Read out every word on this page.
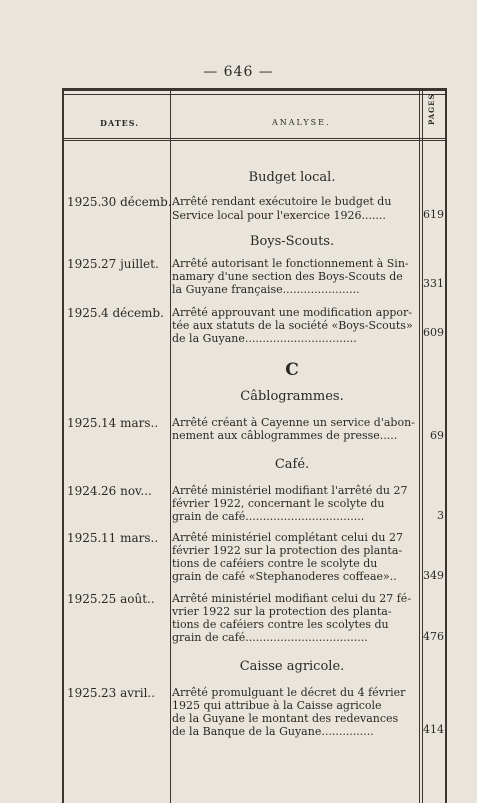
— 646 —
DATES.	ANALYSE.	PAGES
Budget local.
1925. 30 décemb. Arrêté rendant exécutoire le budget du
Service local pour l'exercice 1926.......	619
Boys-Scouts.
1925. 27 juillet. Arrêté autorisant le fonctionnement à Sin-
namary d'une section des Boys-Scouts de
la Guyane française......................	331
1925. 4 décemb. Arrêté approuvant une modification appor-
tée aux statuts de la société «Boys-Scouts»
de la Guyane................................	609
C
Câblogrammes.
1925. 14 mars.. Arrêté créant à Cayenne un service d'abon-
nement aux câblogrammes de presse.....	69
Café.
1924. 26 nov... Arrêté ministériel modifiant l'arrêté du 27
février 1922, concernant le scolyte du
grain de café..................................	3
1925. 11 mars.. Arrêté ministériel complétant celui du 27
février 1922 sur la protection des planta-
tions de caféiers contre le scolyte du
grain de café «Stephanoderes coffeae».. 349
1925. 25 août.. Arrêté ministériel modifiant celui du 27 fé-
vrier 1922 sur la protection des planta-
tions de caféiers contre les scolytes du
grain de café...................................	476
Caisse agricole.
1925. 23 avril.. Arrêté promulguant le décret du 4 février
1925 qui attribue à la Caisse agricole
de la Guyane le montant des redevances
de la Banque de la Guyane...............	414
